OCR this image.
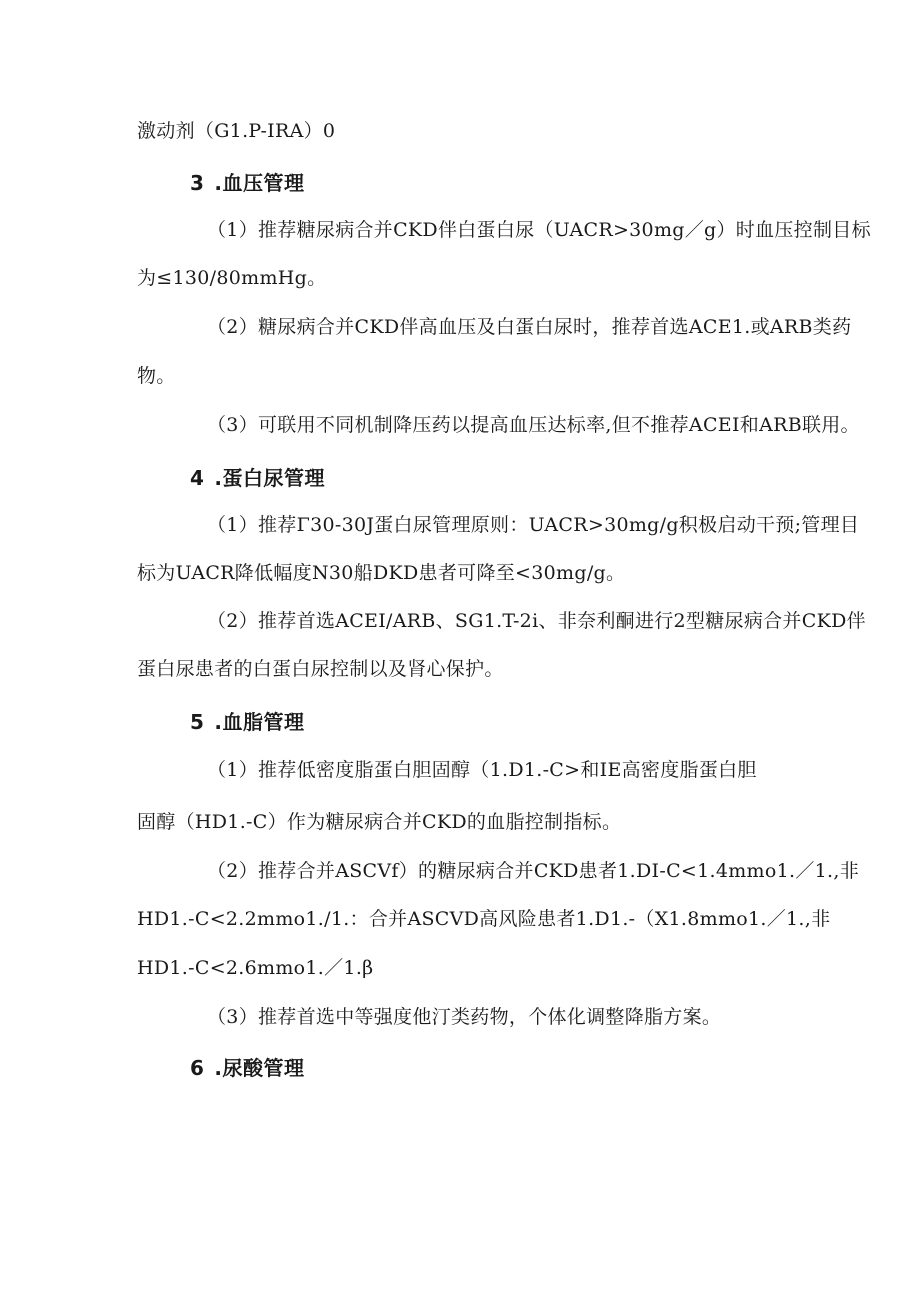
激动剂（G1.P-IRA）0
3 .血压管理
（1）推荐糖尿病合并CKD伴白蛋白尿（UACR>30mg／g）时血压控制目标
为≤130/80mmHg。
（2）糖尿病合并CKD伴高血压及白蛋白尿时，推荐首选ACE1.或ARB类药
物。
（3）可联用不同机制降压药以提高血压达标率,但不推荐ACEI和ARB联用。
4 .蛋白尿管理
（1）推荐Γ30-30J蛋白尿管理原则：UACR>30mg/g积极启动干预;管理目
标为UACR降低幅度N30船DKD患者可降至<30mg/g。
（2）推荐首选ACEI/ARB、SG1.T-2i、非奈利酮进行2型糖尿病合并CKD伴
蛋白尿患者的白蛋白尿控制以及肾心保护。
5 .血脂管理
（1）推荐低密度脂蛋白胆固醇（1.D1.-C>和IE高密度脂蛋白胆
固醇（HD1.-C）作为糖尿病合并CKD的血脂控制指标。
（2）推荐合并ASCVf）的糖尿病合并CKD患者1.DI-C<1.4mmo1.／1.,非
HD1.-C<2.2mmo1./1.：合并ASCVD高风险患者1.D1.-（X1.8mmo1.／1.,非
HD1.-C<2.6mmo1.／1.β
（3）推荐首选中等强度他汀类药物，个体化调整降脂方案。
6 .尿酸管理
